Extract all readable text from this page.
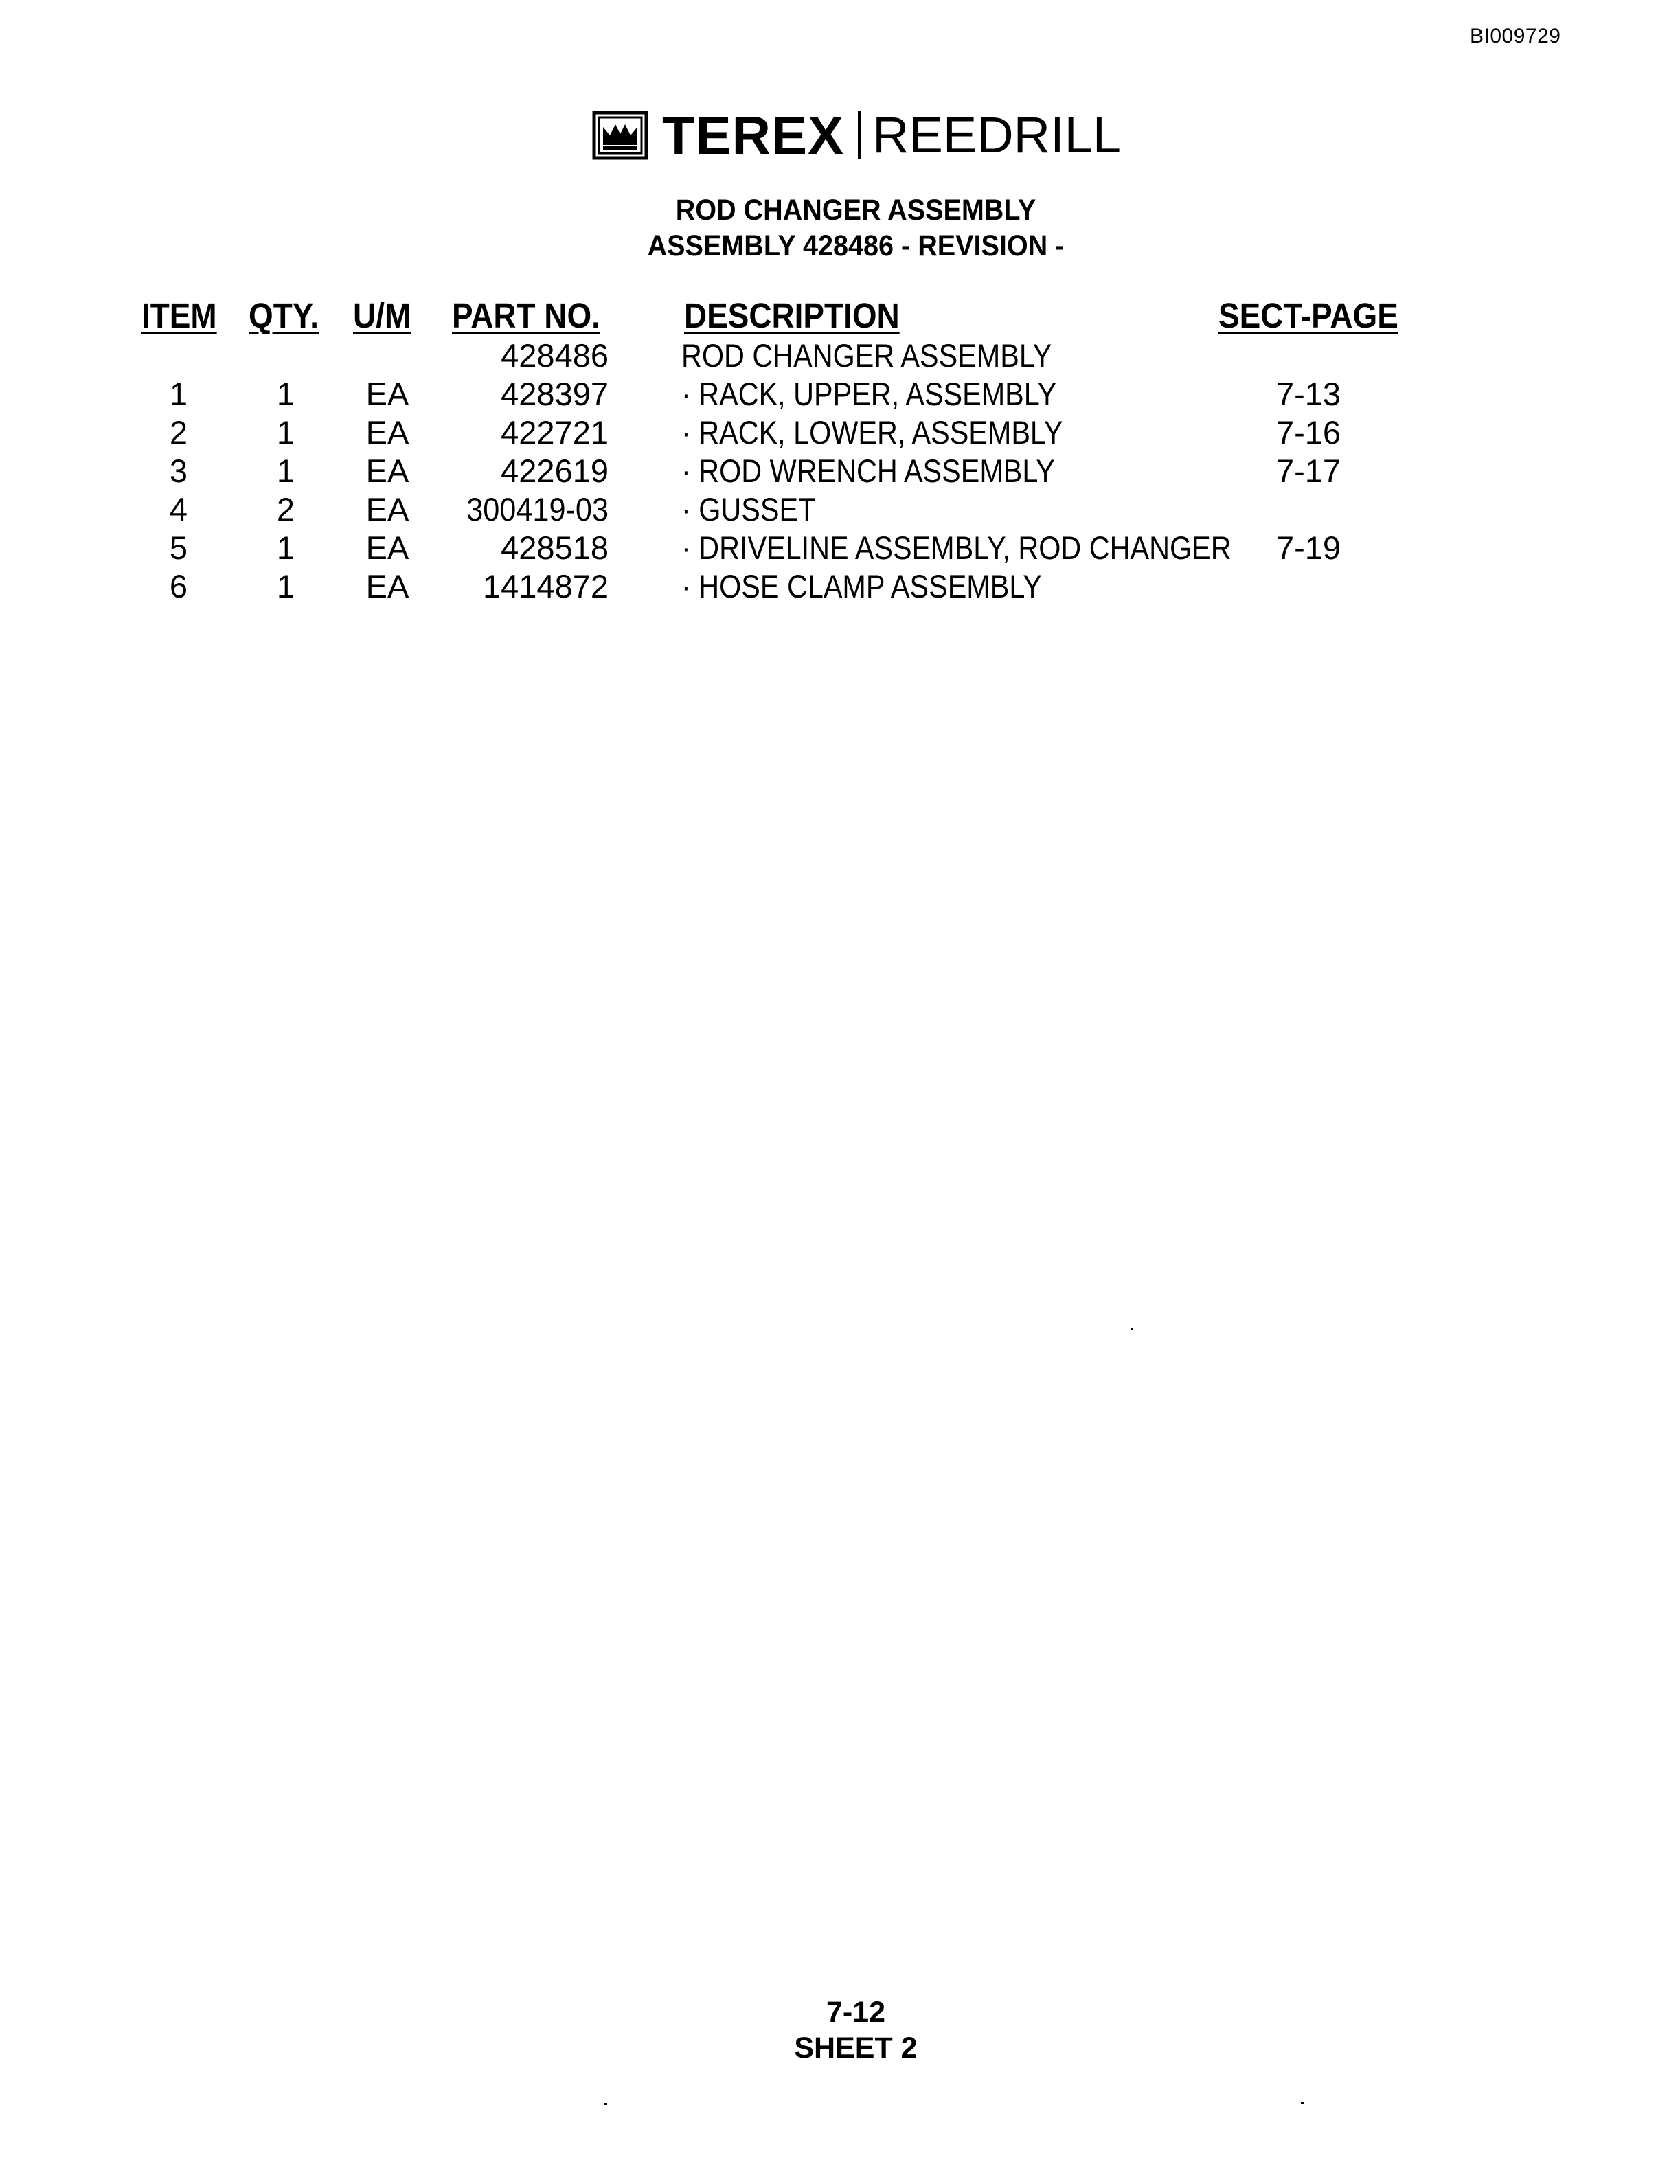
BI009729
TEREX REEDRILL
ROD CHANGER ASSEMBLY
ASSEMBLY 428486 - REVISION -
ITEM QTY. U/M PART NO. DESCRIPTION	SECT-PAGE
428486 ROD CHANGER ASSEMBLY
1	1	EA	428397 · RACK, UPPER, ASSEMBLY	7-13
2	1	EA	422721 · RACK, LOWER, ASSEMBLY	7-16
3	1	EA	422619 · ROD WRENCH ASSEMBLY	7-17
4	2	EA	300419-03 · GUSSET
5	1	EA	428518 · DRIVELINE ASSEMBLY, ROD CHANGER	7-19
6	1	EA	1414872 · HOSE CLAMP ASSEMBLY
7-12
SHEET 2
